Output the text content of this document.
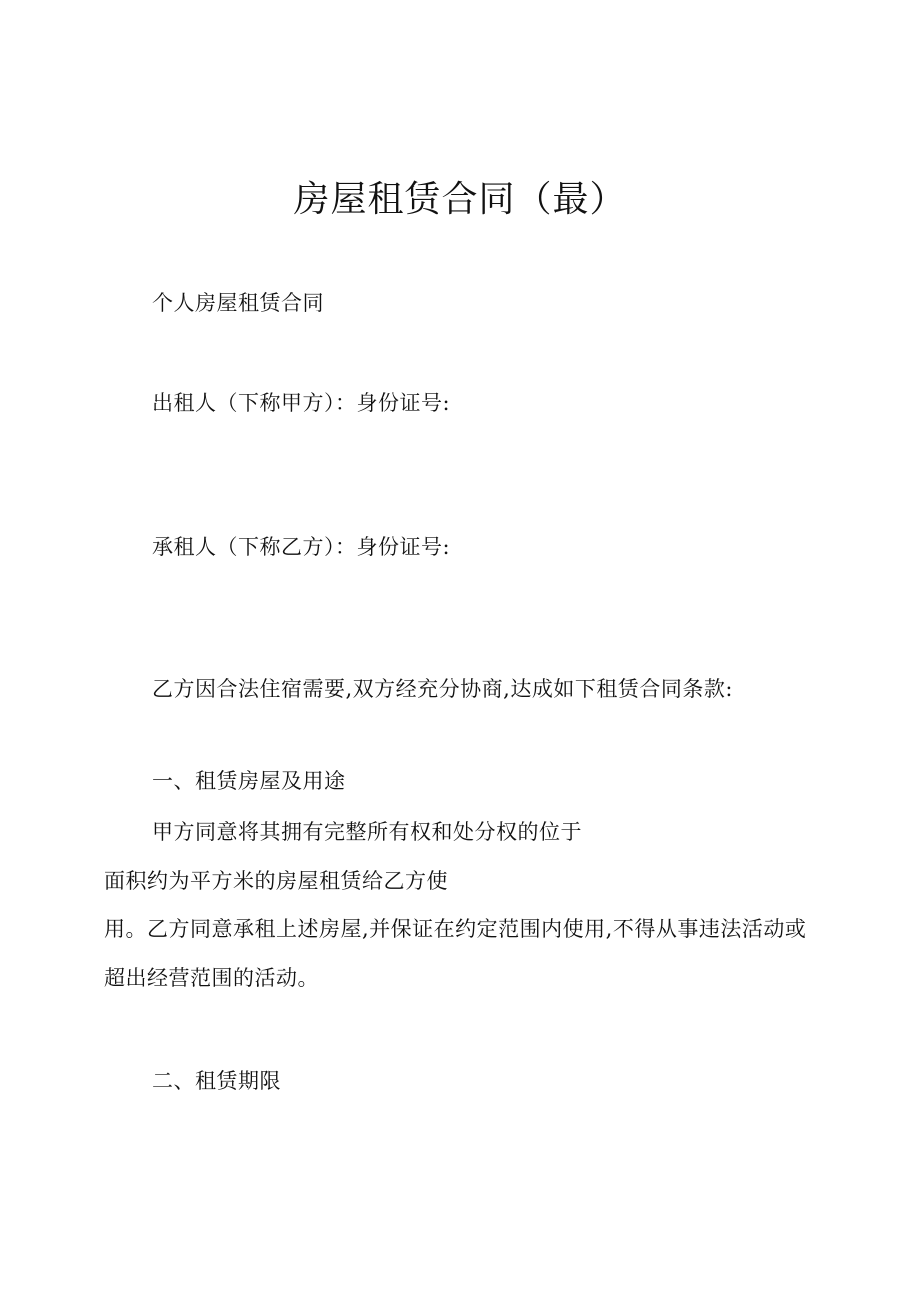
房屋租赁合同（最）
个人房屋租赁合同
出租人（下称甲方）：身份证号:
承租人（下称乙方）：身份证号:
乙方因合法住宿需要,双方经充分协商,达成如下租赁合同条款:
一、租赁房屋及用途
甲方同意将其拥有完整所有权和处分权的位于
面积约为平方米的房屋租赁给乙方使
用。乙方同意承租上述房屋,并保证在约定范围内使用,不得从事违法活动或
超出经营范围的活动。
二、租赁期限
